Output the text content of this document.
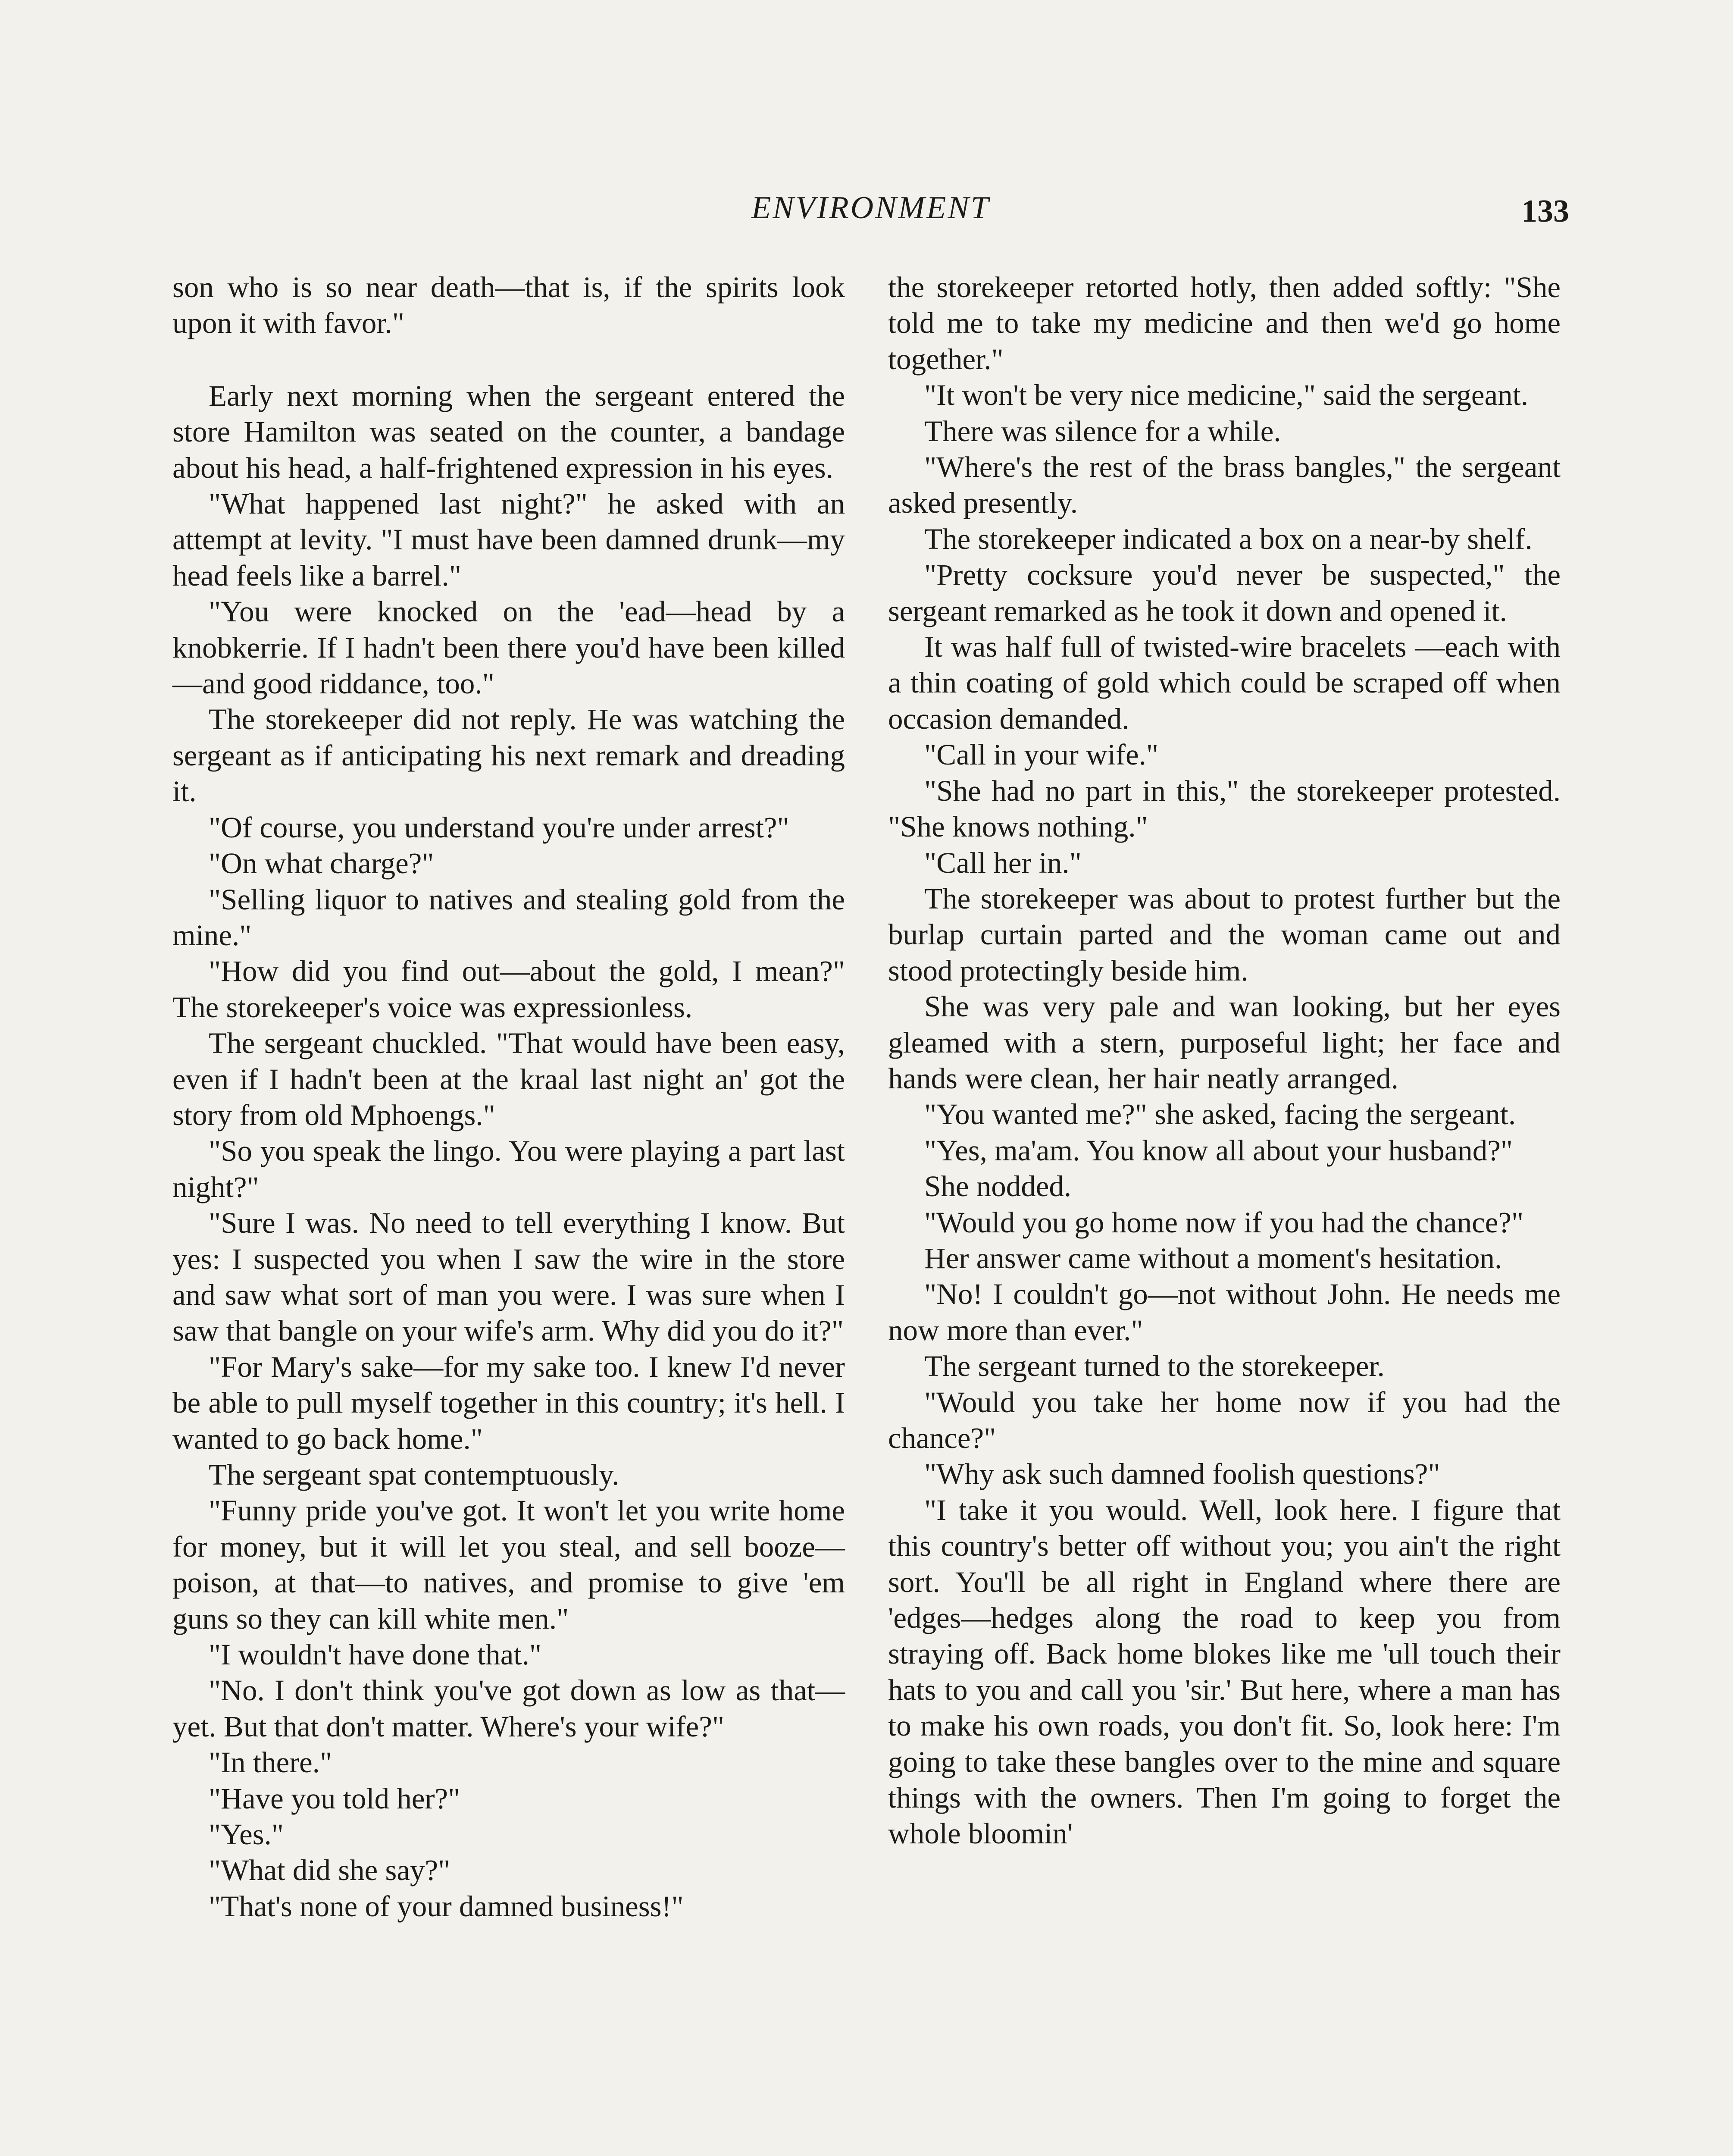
ENVIRONMENT	133

son who is so near death—that is, if the spirits look upon it with favor."

Early next morning when the sergeant entered the store Hamilton was seated on the counter, a bandage about his head, a half-frightened expression in his eyes.

"What happened last night?" he asked with an attempt at levity. "I must have been damned drunk—my head feels like a barrel."

"You were knocked on the 'ead—head by a knobkerrie. If I hadn't been there you'd have been killed—and good riddance, too."

The storekeeper did not reply. He was watching the sergeant as if anticipating his next remark and dreading it.

"Of course, you understand you're under arrest?"

"On what charge?"

"Selling liquor to natives and stealing gold from the mine."

"How did you find out—about the gold, I mean?" The storekeeper's voice was expressionless.

The sergeant chuckled. "That would have been easy, even if I hadn't been at the kraal last night an' got the story from old Mphoengs."

"So you speak the lingo. You were playing a part last night?"

"Sure I was. No need to tell everything I know. But yes: I suspected you when I saw the wire in the store and saw what sort of man you were. I was sure when I saw that bangle on your wife's arm. Why did you do it?"

"For Mary's sake—for my sake too. I knew I'd never be able to pull myself together in this country; it's hell. I wanted to go back home."

The sergeant spat contemptuously.

"Funny pride you've got. It won't let you write home for money, but it will let you steal, and sell booze—poison, at that—to natives, and promise to give 'em guns so they can kill white men."

"I wouldn't have done that."

"No. I don't think you've got down as low as that—yet. But that don't matter. Where's your wife?"

"In there."

"Have you told her?"

"Yes."

"What did she say?"

"That's none of your damned business!"

the storekeeper retorted hotly, then added softly: "She told me to take my medicine and then we'd go home together."

"It won't be very nice medicine," said the sergeant.

There was silence for a while.

"Where's the rest of the brass bangles," the sergeant asked presently.

The storekeeper indicated a box on a near-by shelf.

"Pretty cocksure you'd never be suspected," the sergeant remarked as he took it down and opened it.

It was half full of twisted-wire bracelets —each with a thin coating of gold which could be scraped off when occasion demanded.

"Call in your wife."

"She had no part in this," the storekeeper protested. "She knows nothing."

"Call her in."

The storekeeper was about to protest further but the burlap curtain parted and the woman came out and stood protectingly beside him.

She was very pale and wan looking, but her eyes gleamed with a stern, purposeful light; her face and hands were clean, her hair neatly arranged.

"You wanted me?" she asked, facing the sergeant.

"Yes, ma'am. You know all about your husband?"

She nodded.

"Would you go home now if you had the chance?"

Her answer came without a moment's hesitation.

"No! I couldn't go—not without John. He needs me now more than ever."

The sergeant turned to the storekeeper.

"Would you take her home now if you had the chance?"

"Why ask such damned foolish questions?"

"I take it you would. Well, look here. I figure that this country's better off without you; you ain't the right sort. You'll be all right in England where there are 'edges—hedges along the road to keep you from straying off. Back home blokes like me 'ull touch their hats to you and call you 'sir.' But here, where a man has to make his own roads, you don't fit. So, look here: I'm going to take these bangles over to the mine and square things with the owners. Then I'm going to forget the whole bloomin'
